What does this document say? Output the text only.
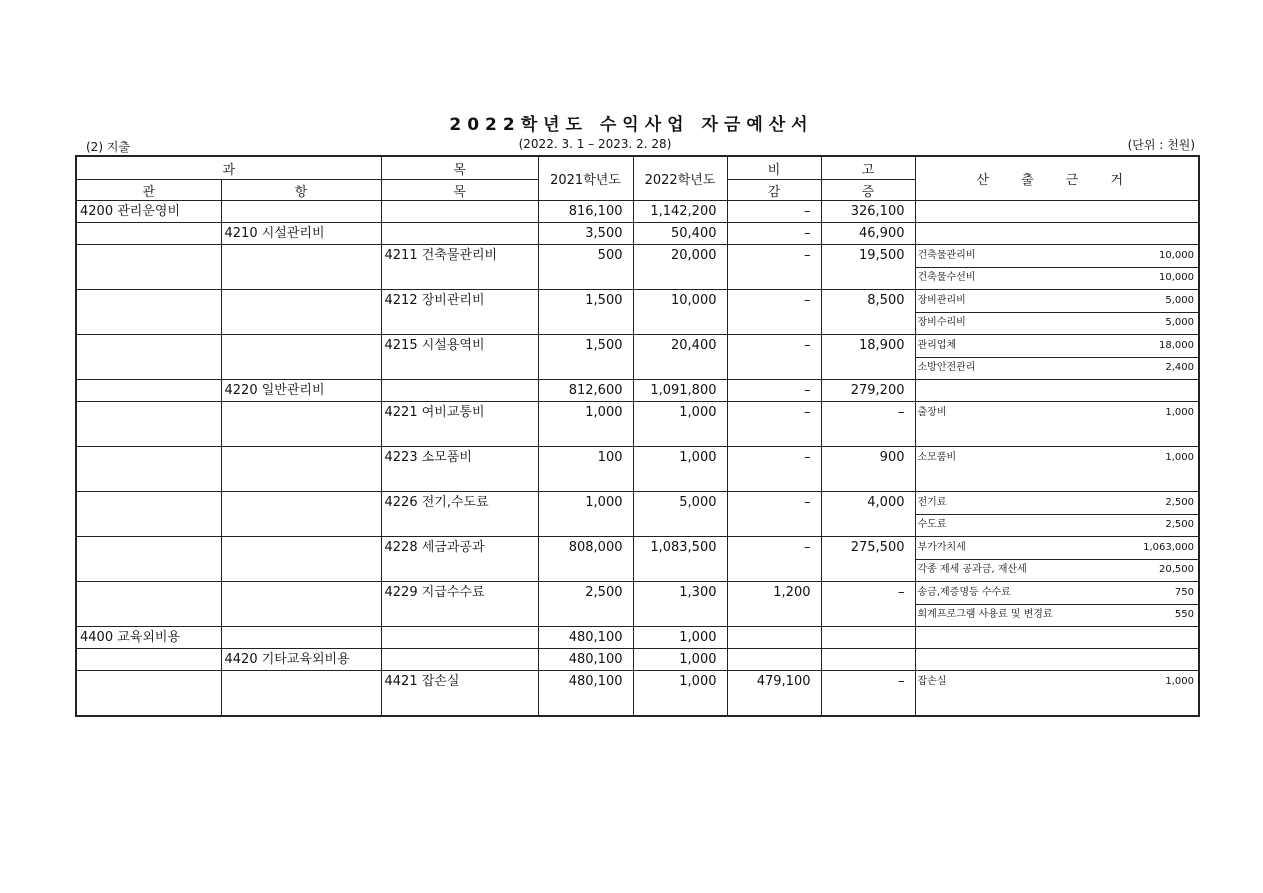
2022학년도 수익사업 자금예산서
(2) 지출	(2022. 3. 1 – 2023. 2. 28)	(단위 : 천원)
과		목	2021학년도	2022학년도	비	고	산 출 근 거
관	항	목			감	증	

4200 관리운영비			816,100	1,142,200	–	326,100	

	4210 시설관리비		3,500	50,400	–	46,900	

		4211 건축물관리비	500	20,000	–	19,500	건축물관리비 10,000
건축물수선비 10,000

		4212 장비관리비	1,500	10,000	–	8,500	장비관리비 5,000
장비수리비 5,000

		4215 시설용역비	1,500	20,400	–	18,900	관리업체 18,000
소방안전관리 2,400

	4220 일반관리비		812,600	1,091,800	–	279,200	

		4221 여비교통비	1,000	1,000	–	–	출장비 1,000

		4223 소모품비	100	1,000	–	900	소모품비 1,000

		4226 전기,수도료	1,000	5,000	–	4,000	전기료 2,500
수도료 2,500

		4228 세금과공과	808,000	1,083,500	–	275,500	부가가치세 1,063,000
각종 제세 공과금, 재산세 20,500

		4229 지급수수료	2,500	1,300	1,200	–	송금,제증명등 수수료 750
회계프로그램 사용료 및 변경료 550

4400 교육외비용			480,100	1,000			

	4420 기타교육외비용		480,100	1,000			

		4421 잡손실	480,100	1,000	479,100	–	잡손실 1,000
